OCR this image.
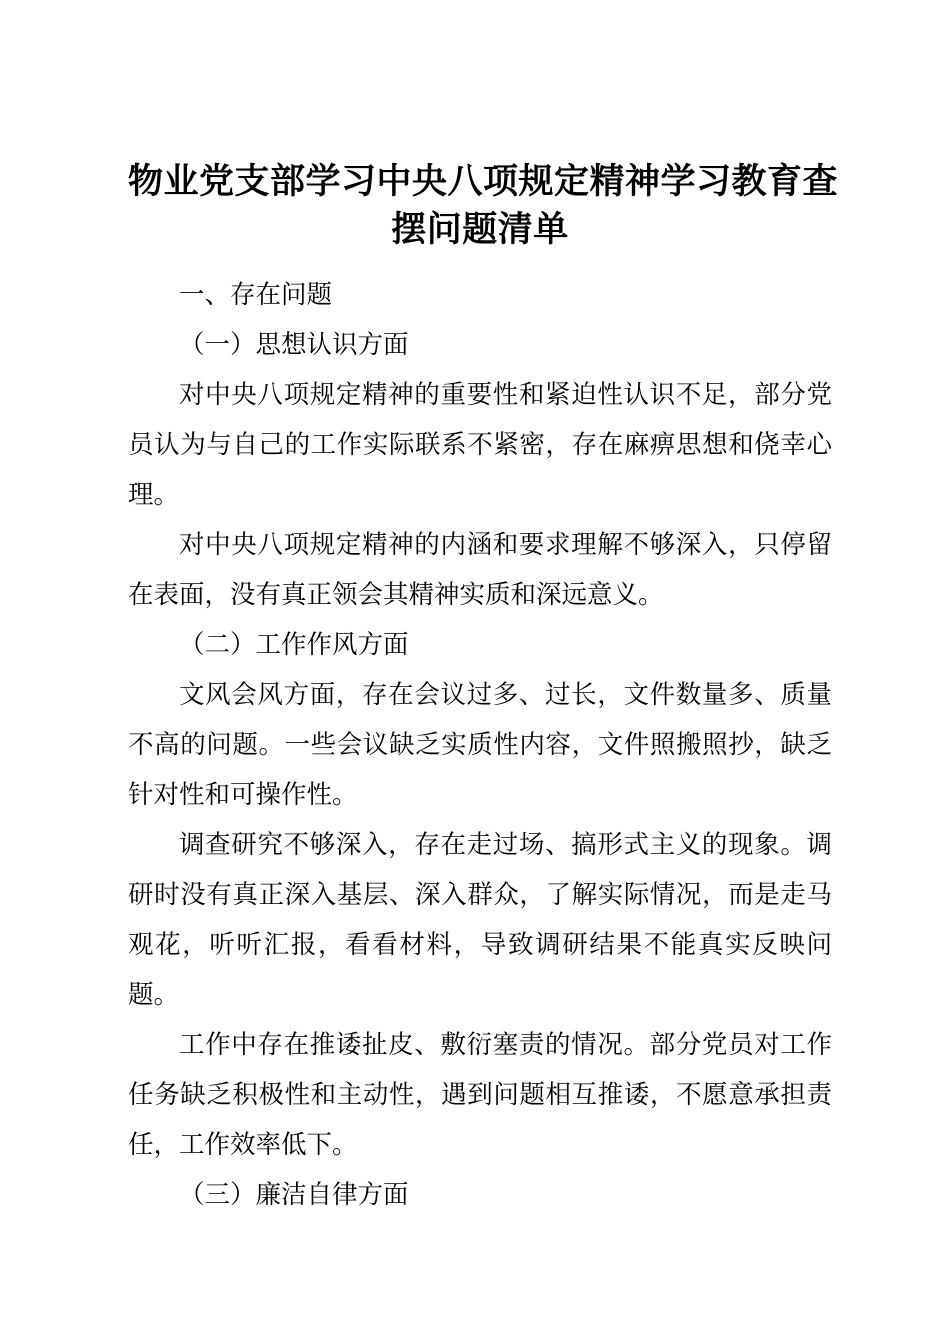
物业党支部学习中央八项规定精神学习教育查
摆问题清单

一、存在问题

（一）思想认识方面

对中央八项规定精神的重要性和紧迫性认识不足，部分党员认为与自己的工作实际联系不紧密，存在麻痹思想和侥幸心理。

对中央八项规定精神的内涵和要求理解不够深入，只停留在表面，没有真正领会其精神实质和深远意义。

（二）工作作风方面

文风会风方面，存在会议过多、过长，文件数量多、质量不高的问题。一些会议缺乏实质性内容，文件照搬照抄，缺乏针对性和可操作性。

调查研究不够深入，存在走过场、搞形式主义的现象。调研时没有真正深入基层、深入群众，了解实际情况，而是走马观花，听听汇报，看看材料，导致调研结果不能真实反映问题。

工作中存在推诿扯皮、敷衍塞责的情况。部分党员对工作任务缺乏积极性和主动性，遇到问题相互推诿，不愿意承担责任，工作效率低下。

（三）廉洁自律方面
